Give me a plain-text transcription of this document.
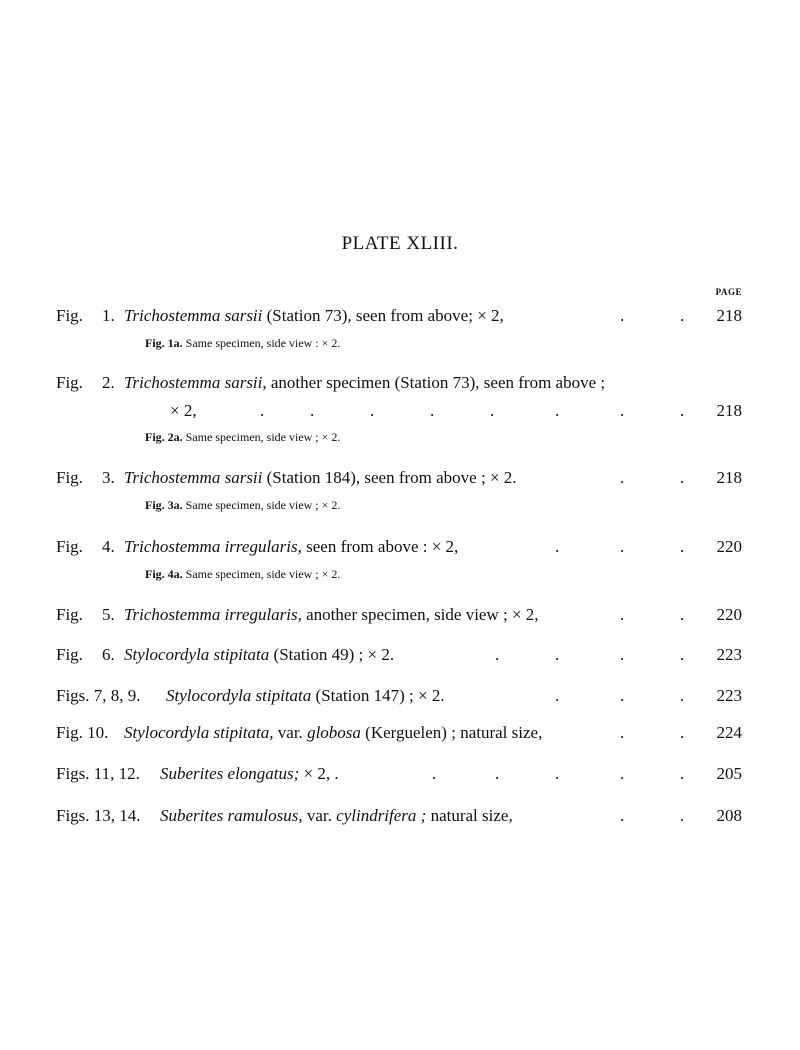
PLATE XLIII.
PAGE
Fig. 1. Trichostemma sarsii (Station 73), seen from above; × 2,	.	.	218
Fig. 1a. Same specimen, side view : × 2.
Fig. 2. Trichostemma sarsii, another specimen (Station 73), seen from above ;
× 2,	.	.	.	.	.	.	.	.	218
Fig. 2a. Same specimen, side view ; × 2.
Fig. 3. Trichostemma sarsii (Station 184), seen from above ; × 2.	.	.	218
Fig. 3a. Same specimen, side view ; × 2.
Fig. 4. Trichostemma irregularis, seen from above : × 2,	.	.	.	220
Fig. 4a. Same specimen, side view ; × 2.
Fig. 5. Trichostemma irregularis, another specimen, side view ; × 2,	.	.	220
Fig. 6. Stylocordyla stipitata (Station 49) ; × 2.	.	.	.	.	223
Figs. 7, 8, 9. Stylocordyla stipitata (Station 147) ; × 2.	.	.	.	223
Fig. 10. Stylocordyla stipitata, var. globosa (Kerguelen) ; natural size,	.	.	224
Figs. 11, 12. Suberites elongatus; × 2, .	.	.	.	.	.	205
Figs. 13, 14. Suberites ramulosus, var. cylindrifera ; natural size,	.	.	208
